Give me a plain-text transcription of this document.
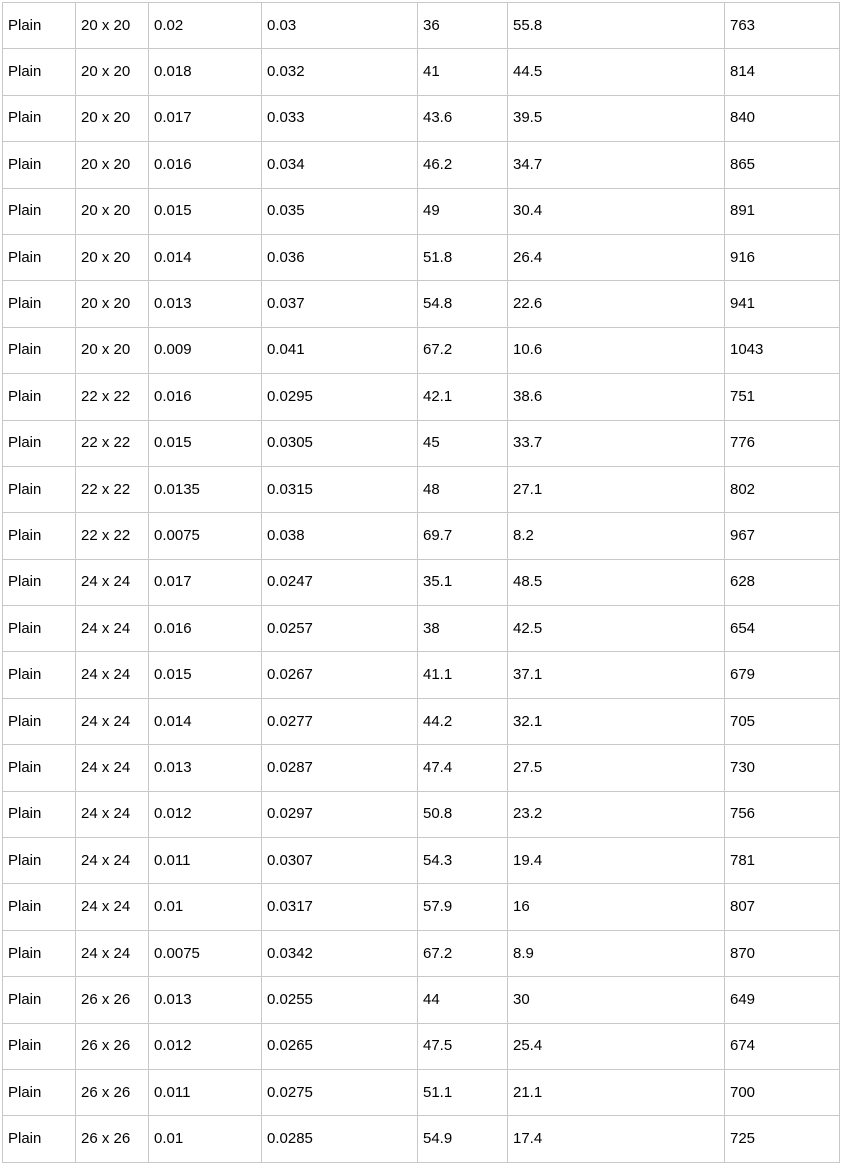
Plain	20 x 20	0.02	0.03	36	55.8	763
Plain	20 x 20	0.018	0.032	41	44.5	814
Plain	20 x 20	0.017	0.033	43.6	39.5	840
Plain	20 x 20	0.016	0.034	46.2	34.7	865
Plain	20 x 20	0.015	0.035	49	30.4	891
Plain	20 x 20	0.014	0.036	51.8	26.4	916
Plain	20 x 20	0.013	0.037	54.8	22.6	941
Plain	20 x 20	0.009	0.041	67.2	10.6	1043
Plain	22 x 22	0.016	0.0295	42.1	38.6	751
Plain	22 x 22	0.015	0.0305	45	33.7	776
Plain	22 x 22	0.0135	0.0315	48	27.1	802
Plain	22 x 22	0.0075	0.038	69.7	8.2	967
Plain	24 x 24	0.017	0.0247	35.1	48.5	628
Plain	24 x 24	0.016	0.0257	38	42.5	654
Plain	24 x 24	0.015	0.0267	41.1	37.1	679
Plain	24 x 24	0.014	0.0277	44.2	32.1	705
Plain	24 x 24	0.013	0.0287	47.4	27.5	730
Plain	24 x 24	0.012	0.0297	50.8	23.2	756
Plain	24 x 24	0.011	0.0307	54.3	19.4	781
Plain	24 x 24	0.01	0.0317	57.9	16	807
Plain	24 x 24	0.0075	0.0342	67.2	8.9	870
Plain	26 x 26	0.013	0.0255	44	30	649
Plain	26 x 26	0.012	0.0265	47.5	25.4	674
Plain	26 x 26	0.011	0.0275	51.1	21.1	700
Plain	26 x 26	0.01	0.0285	54.9	17.4	725
